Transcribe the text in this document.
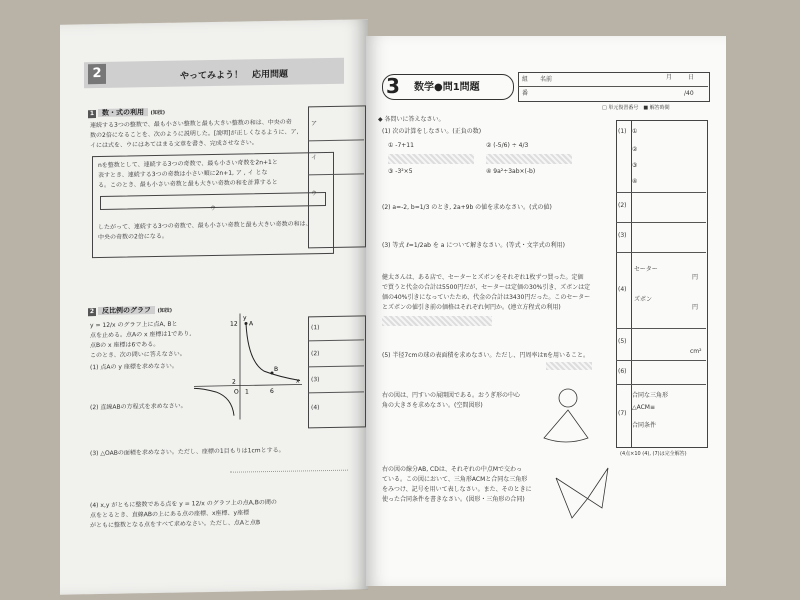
2	やってみよう！　応用問題
1 数・式の利用 (知技)
連続する3つの整数で、最も小さい整数と最も大きい整数の和は、中央の奇
数の2倍になることを、次のように説明した。[説明]が正しくなるように、ア,
イには式を、ウにはあてはまる文章を書き、完成させなさい。
nを整数として、連続する3つの奇数で、最も小さい奇数を2n+1と
表すとき、連続する3つの奇数は小さい順に2n+1, ア , イ とな
る。このとき、最も小さい奇数と最も大きい奇数の和を計算すると
ウ
したがって、連続する3つの奇数で、最も小さい奇数と最も大きい奇数の和は、
中央の奇数の2倍になる。
ア
イ
ウ
2 反比例のグラフ (知技)
y = 12/x のグラフ上に点A, Bと
点を止める。点Aの x 座標は1であり,
点Bの x 座標は6である。
このとき、次の問いに答えなさい。
(1) 点Aの y 座標を求めなさい。
(2) 直線ABの方程式を求めなさい。
(3) △OABの面積を求めなさい。ただし、座標の1目もりは1cmとする。
(4) x,y がともに整数である点を y = 12/x のグラフ上の点A,Bの間の
点をとるとき、直線ABの上にある点の座標、x座標、y座標
がともに整数となる点をすべて求めなさい。ただし、点Aと点B
A
B
O
12
2
1	6
x
y
(1)
(2)
(3)
(4)
3 数学●問1問題
組 名前
番
月	日
/40
□ 単元復習番号　■ 解答時間
◆ 各問いに答えなさい。
(1) 次の計算をしなさい。(正負の数)
① -7+11	② (-5/6) ÷ 4/3
③ -3²×5	④ 9a²÷3ab×(-b)
(2) a=-2, b=1/3 のとき, 2a+9b の値を求めなさい。(式の値)
(3) 等式 ℓ=1/2ab を a について解きなさい。(等式・文字式の利用)
健太さんは、ある店で、セーターとズボンをそれぞれ1枚ずつ買った。定価
で買うと代金の合計は5500円だが、セーターは定価の30%引き、ズボンは定
価の40%引きになっていたため、代金の合計は3430円だった。このセーター
とズボンの値引き前の価格はそれぞれ何円か。(連立方程式の利用)
(5) 半径7cmの球の表面積を求めなさい。ただし、円周率はπを用いること。
右の図は、円すいの展開図である。おうぎ形の中心
角の大きさを求めなさい。(空間図形)
右の図の線分AB, CDは、それぞれの中点Mで交わっ
ている。この図において、三角形ACMと合同な三角形
をみつけ、記号を用いて表しなさい。また、そのときに
使った合同条件を書きなさい。(図形・三角形の合同)
(1) ①
②
③
④
(2)
(3)
(4)
セーター
円
ズボン
円
(5)
cm²
(6)
(7)
合同な三角形
△ACM≡
合同条件
(4点×10 (4), (7)は完全解答)
